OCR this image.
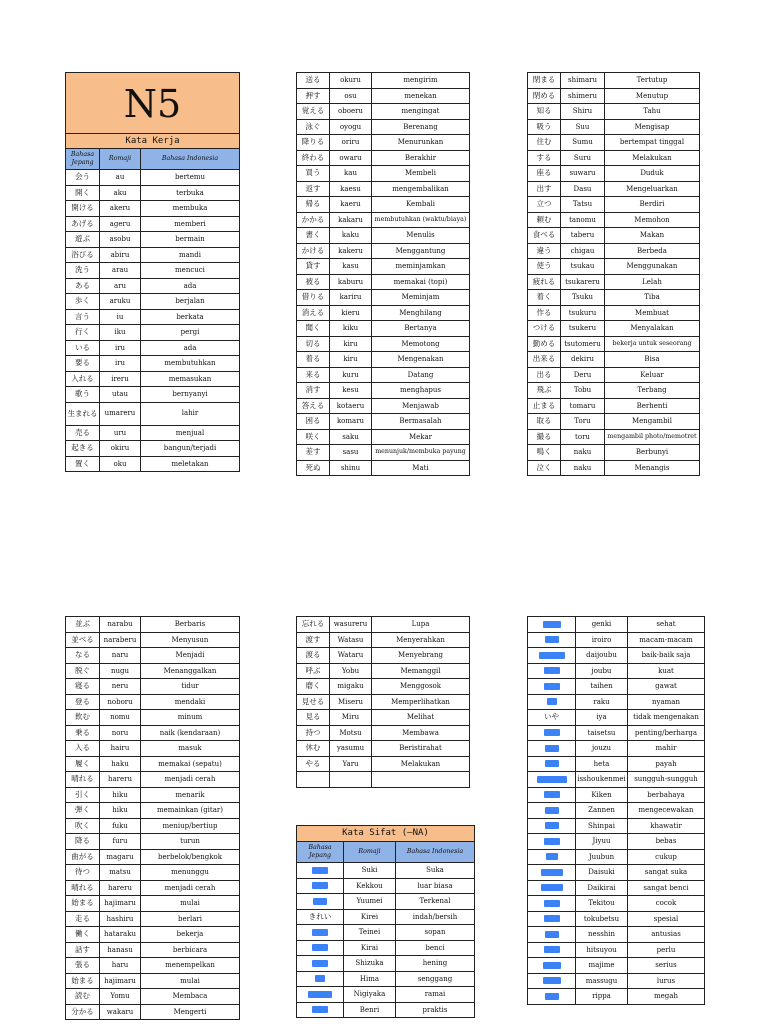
N5
Kata Kerja
Bahasa Jepang	Romaji	Bahasa Indonesia
会う	au	bertemu
開く	aku	terbuka
開ける	akeru	membuka
あげる	ageru	memberi
遊ぶ	asobu	bermain
浴びる	abiru	mandi
洗う	arau	mencuci
ある	aru	ada
歩く	aruku	berjalan
言う	iu	berkata
行く	iku	pergi
いる	iru	ada
要る	iru	membutuhkan
入れる	ireru	memasukan
歌う	utau	bernyanyi
生まれる	umareru	lahir
売る	uru	menjual
起きる	okiru	bangun/terjadi
置く	oku	meletakan
送る	okuru	mengirim
押す	osu	menekan
覚える	oboeru	mengingat
泳ぐ	oyogu	Berenang
降りる	oriru	Menurunkan
終わる	owaru	Berakhir
買う	kau	Membeli
返す	kaesu	mengembalikan
帰る	kaeru	Kembali
かかる	kakaru	membutuhkan (waktu/biaya)
書く	kaku	Menulis
かける	kakeru	Menggantung
貸す	kasu	meminjamkan
被る	kaburu	memakai (topi)
借りる	kariru	Meminjam
消える	kieru	Menghilang
聞く	kiku	Bertanya
切る	kiru	Memotong
着る	kiru	Mengenakan
来る	kuru	Datang
消す	kesu	menghapus
答える	kotaeru	Menjawab
困る	komaru	Bermasalah
咲く	saku	Mekar
差す	sasu	menunjuk/membuka payung
死ぬ	shinu	Mati
閉まる	shimaru	Tertutup
閉める	shimeru	Menutup
知る	Shiru	Tahu
吸う	Suu	Mengisap
住む	Sumu	bertempat tinggal
する	Suru	Melakukan
座る	suwaru	Duduk
出す	Dasu	Mengeluarkan
立つ	Tatsu	Berdiri
頼む	tanomu	Memohon
食べる	taberu	Makan
違う	chigau	Berbeda
使う	tsukau	Menggunakan
疲れる	tsukareru	Lelah
着く	Tsuku	Tiba
作る	tsukuru	Membuat
つける	tsukeru	Menyalakan
勤める	tsutomeru	bekerja untuk seseorang
出来る	dekiru	Bisa
出る	Deru	Keluar
飛ぶ	Tobu	Terbang
止まる	tomaru	Berhenti
取る	Toru	Mengambil
撮る	toru	mengambil photo/memotret
鳴く	naku	Berbunyi
泣く	naku	Menangis
並ぶ	narabu	Berbaris
並べる	naraberu	Menyusun
なる	naru	Menjadi
脱ぐ	nugu	Menanggalkan
寝る	neru	tidur
登る	noboru	mendaki
飲む	nomu	minum
乗る	noru	naik (kendaraan)
入る	hairu	masuk
履く	haku	memakai (sepatu)
晴れる	hareru	menjadi cerah
引く	hiku	menarik
弾く	hiku	memainkan (gitar)
吹く	fuku	meniup/bertiup
降る	furu	turun
曲がる	magaru	berbelok/bengkok
待つ	matsu	menunggu
晴れる	hareru	menjadi cerah
始まる	hajimaru	mulai
走る	hashiru	berlari
働く	hataraku	bekerja
話す	hanasu	berbicara
張る	haru	menempelkan
始まる	hajimaru	mulai
読む	Yomu	Membaca
分かる	wakaru	Mengerti
忘れる	wasureru	Lupa
渡す	Watasu	Menyerahkan
渡る	Wataru	Menyebrang
呼ぶ	Yobu	Memanggil
磨く	migaku	Menggosok
見せる	Miseru	Memperlihatkan
見る	Miru	Melihat
持つ	Motsu	Membawa
休む	yasumu	Beristirahat
やる	Yaru	Melakukan

Kata Sifat (—NA)
Bahasa Jepang	Romaji	Bahasa Indonesia
	Suki	Suka
	Kekkou	luar biasa
	Yuumei	Terkenal
きれい	Kirei	indah/bersih
	Teinei	sopan
	Kirai	benci
	Shizuka	hening
	Hima	senggang
	Nigiyaka	ramai
	Benri	praktis
	genki	sehat
	iroiro	macam-macam
	daijoubu	baik-baik saja
	joubu	kuat
	taihen	gawat
	raku	nyaman
いや	iya	tidak mengenakan
	taisetsu	penting/berharga
	jouzu	mahir
	heta	payah
	isshoukenmei	sungguh-sungguh
	Kiken	berbahaya
	Zannen	mengecewakan
	Shinpai	khawatir
	Jiyuu	bebas
	Juubun	cukup
	Daisuki	sangat suka
	Daikirai	sangat benci
	Tekitou	cocok
	tokubetsu	spesial
	nesshin	antusias
	hitsuyou	perlu
	majime	serius
	massugu	lurus
	rippa	megah
